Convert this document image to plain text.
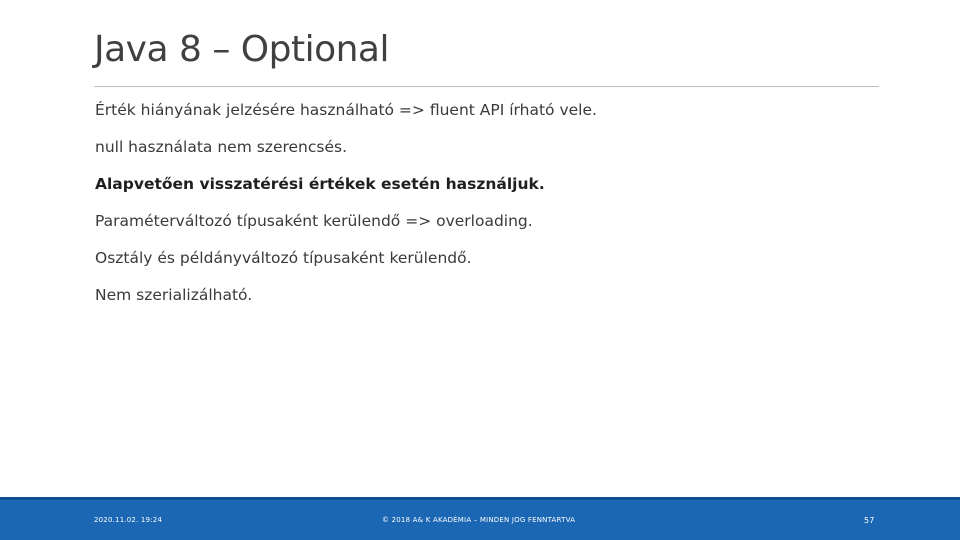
Java 8 – Optional
Érték hiányának jelzésére használható => fluent API írható vele.
null használata nem szerencsés.
Alapvetően visszatérési értékek esetén használjuk.
Paraméterváltozó típusaként kerülendő => overloading.
Osztály és példányváltozó típusaként kerülendő.
Nem szerializálható.
2020.11.02. 19:24	© 2018 A& K AKADÉMIA – MINDEN JOG FENNTARTVA	57
